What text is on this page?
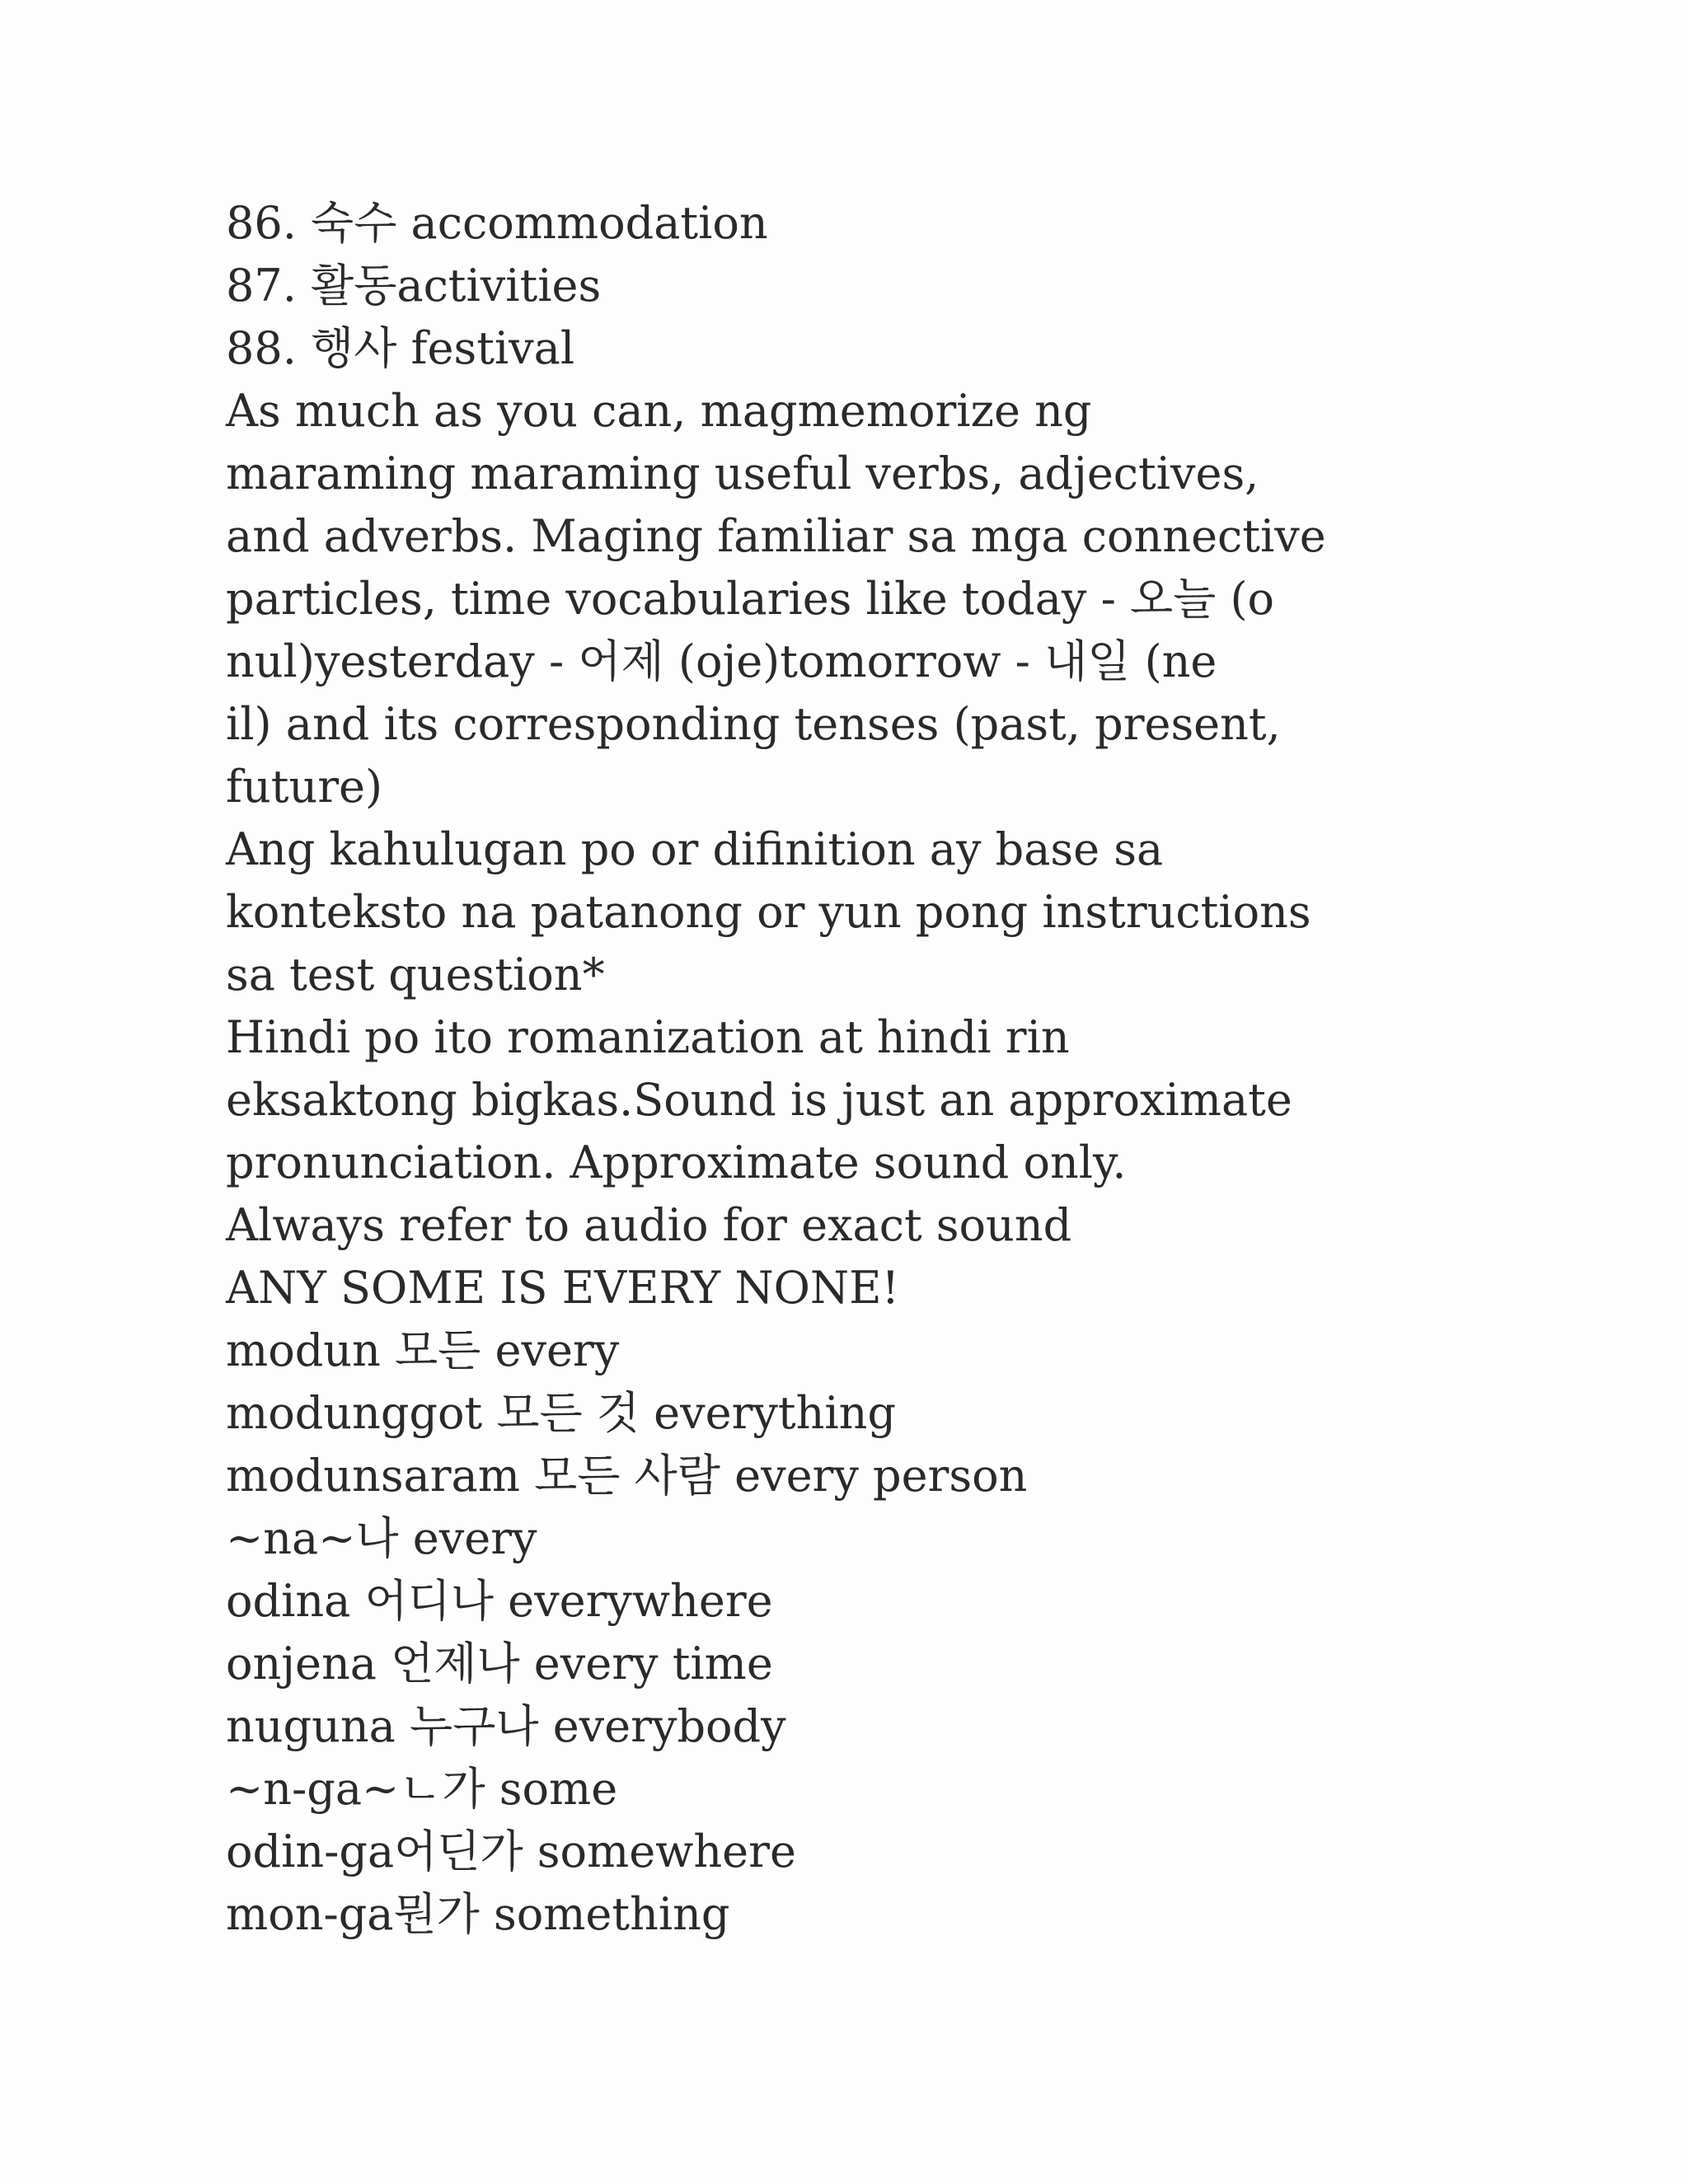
86. 숙수 accommodation
87. 활동activities
88. 행사 festival
As much as you can, magmemorize ng
maraming maraming useful verbs, adjectives,
and adverbs. Maging familiar sa mga connective
particles, time vocabularies like today - 오늘 (o
nul)yesterday - 어제 (oje)tomorrow - 내일 (ne
il) and its corresponding tenses (past, present,
future)
Ang kahulugan po or difinition ay base sa
konteksto na patanong or yun pong instructions
sa test question*
Hindi po ito romanization at hindi rin
eksaktong bigkas.Sound is just an approximate
pronunciation. Approximate sound only.
Always refer to audio for exact sound
ANY SOME IS EVERY NONE!
modun 모든 every
modunggot 모든 것 everything
modunsaram 모든 사람 every person
~na~나 every
odina 어디나 everywhere
onjena 언제나 every time
nuguna 누구나 everybody
~n-ga~ㄴ가 some
odin-ga어딘가 somewhere
mon-ga뭔가 something
